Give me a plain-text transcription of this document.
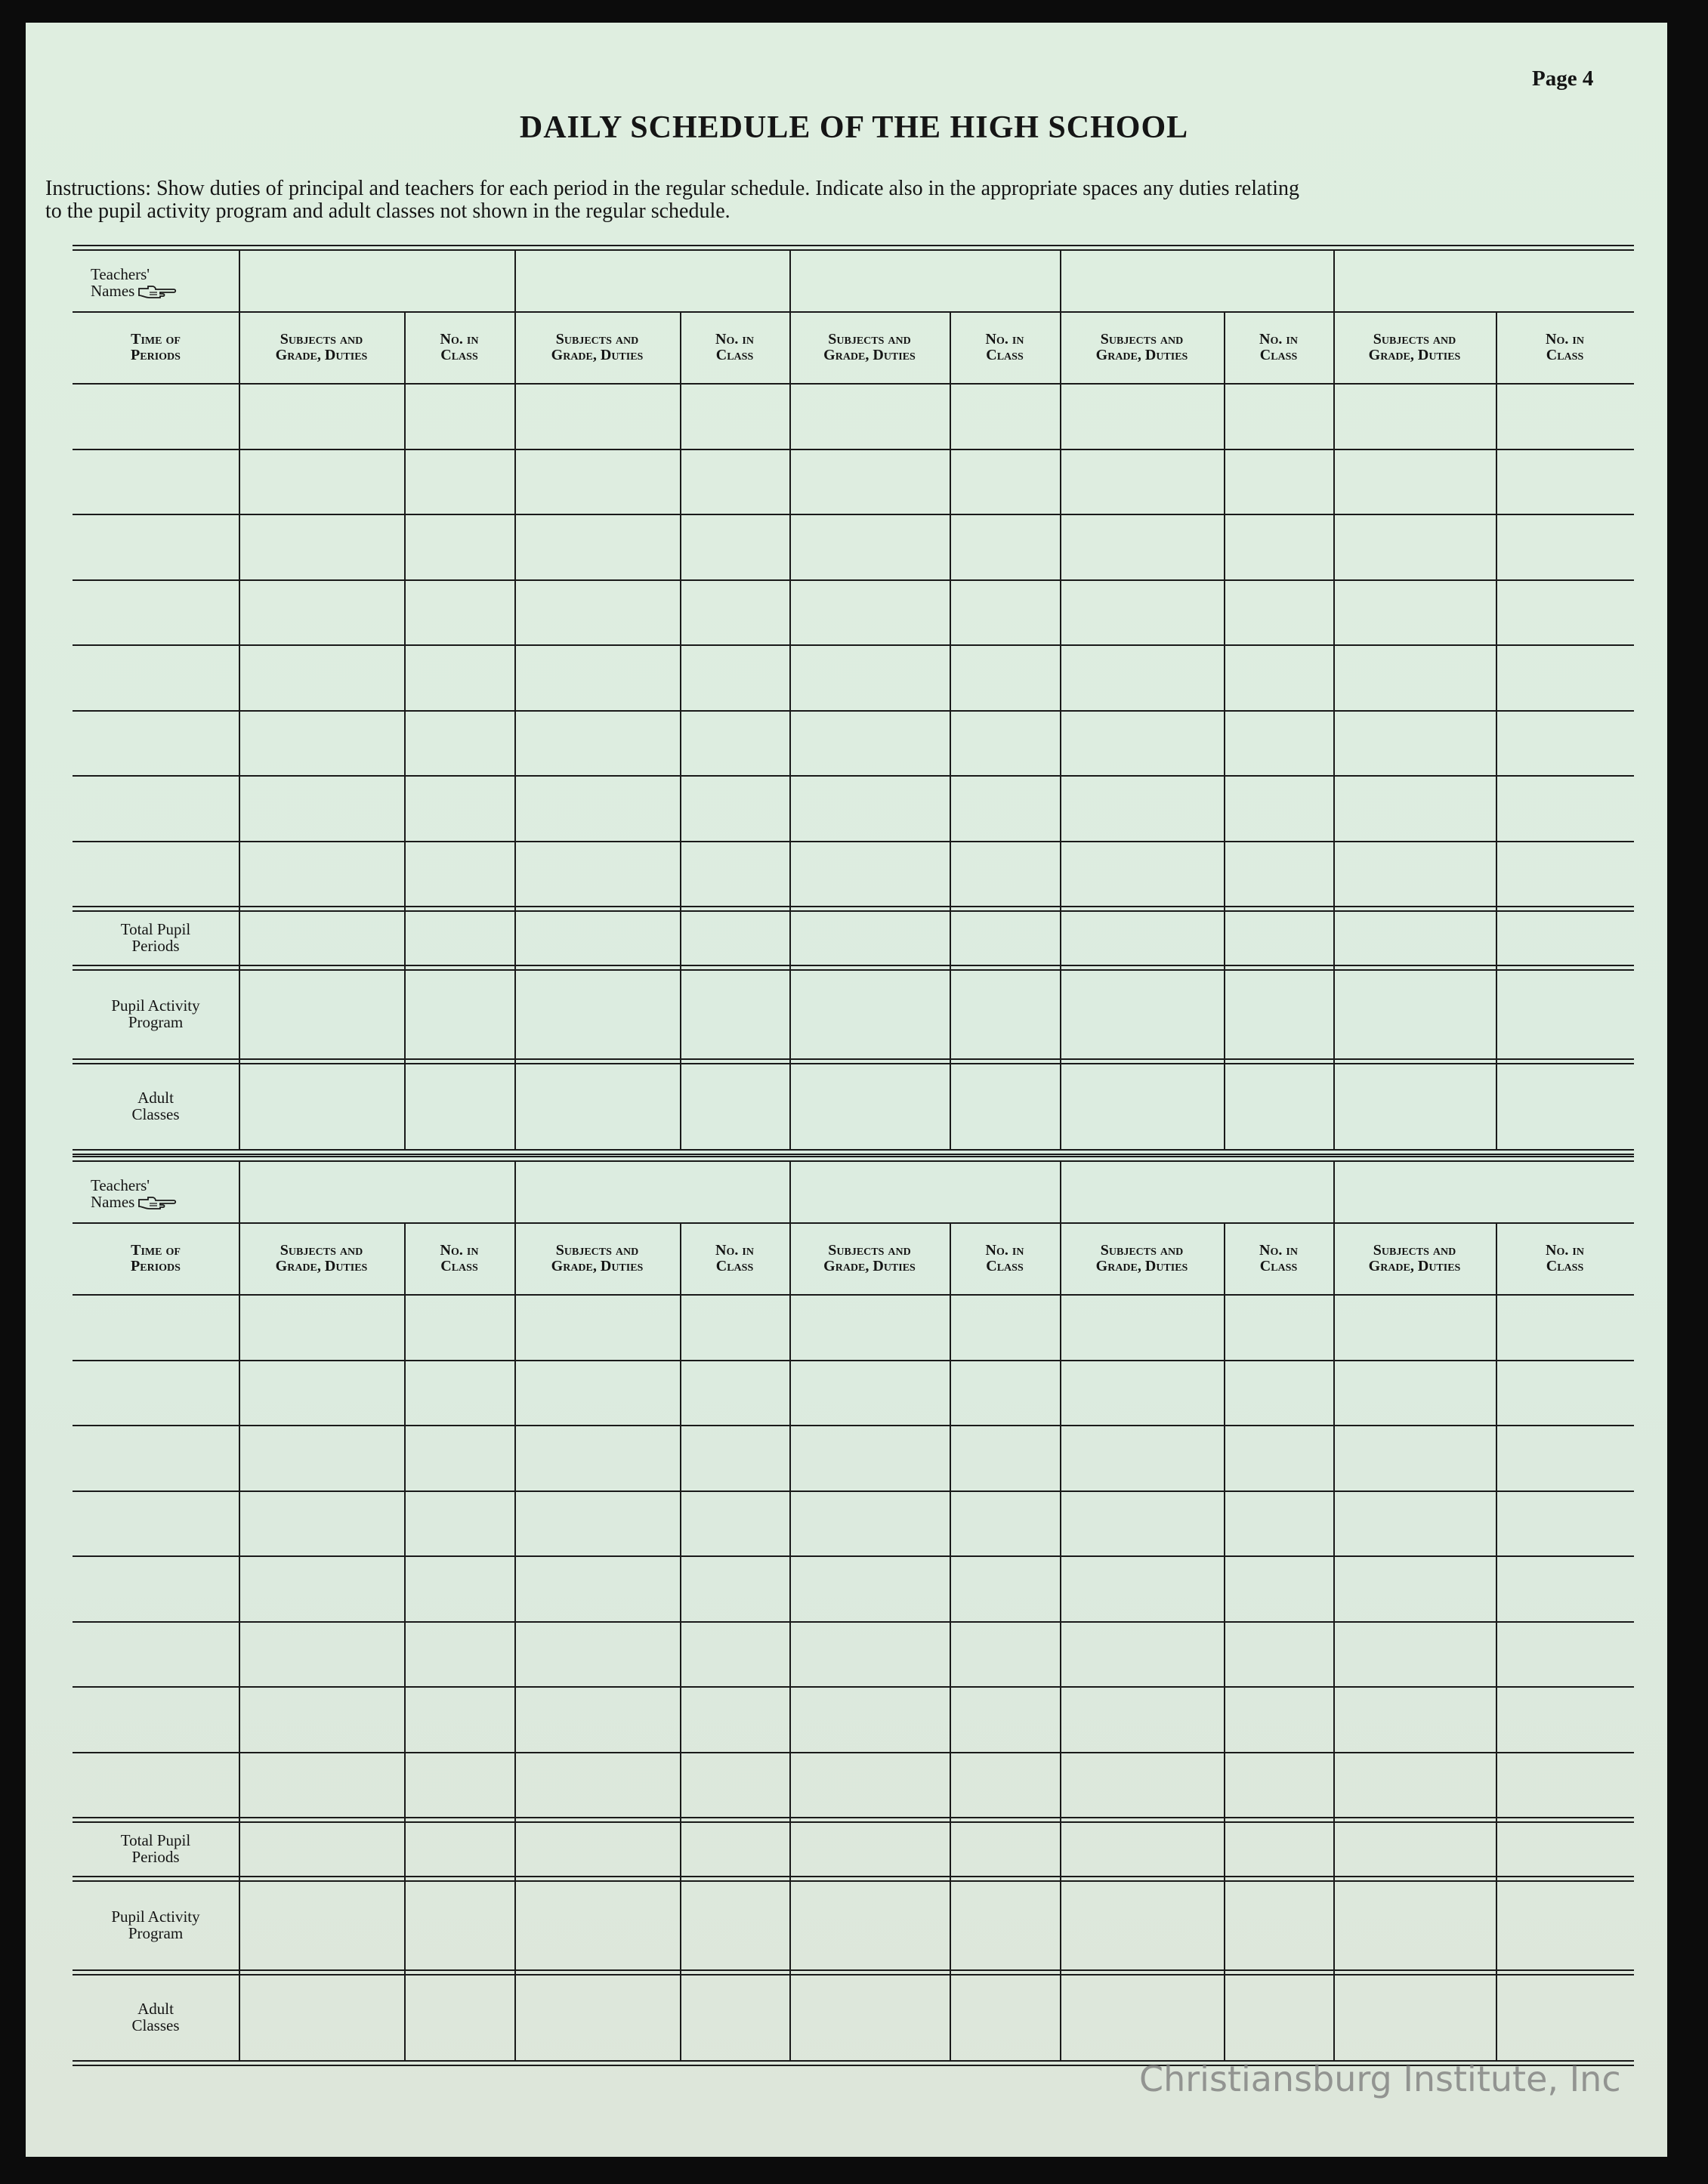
Page 4
DAILY SCHEDULE OF THE HIGH SCHOOL
Instructions: Show duties of principal and teachers for each period in the regular schedule. Indicate also in the appropriate spaces any duties relating
to the pupil activity program and adult classes not shown in the regular schedule.
Teachers'
Names
Time of
Periods
Subjects and
Grade, Duties
No. in
Class
Subjects and
Grade, Duties
No. in
Class
Subjects and
Grade, Duties
No. in
Class
Subjects and
Grade, Duties
No. in
Class
Subjects and
Grade, Duties
No. in
Class
Total Pupil
Periods
Pupil Activity
Program
Adult
Classes
Teachers'
Names
Time of
Periods
Subjects and
Grade, Duties
No. in
Class
Subjects and
Grade, Duties
No. in
Class
Subjects and
Grade, Duties
No. in
Class
Subjects and
Grade, Duties
No. in
Class
Subjects and
Grade, Duties
No. in
Class
Total Pupil
Periods
Pupil Activity
Program
Adult
Classes
Christiansburg Institute, Inc
